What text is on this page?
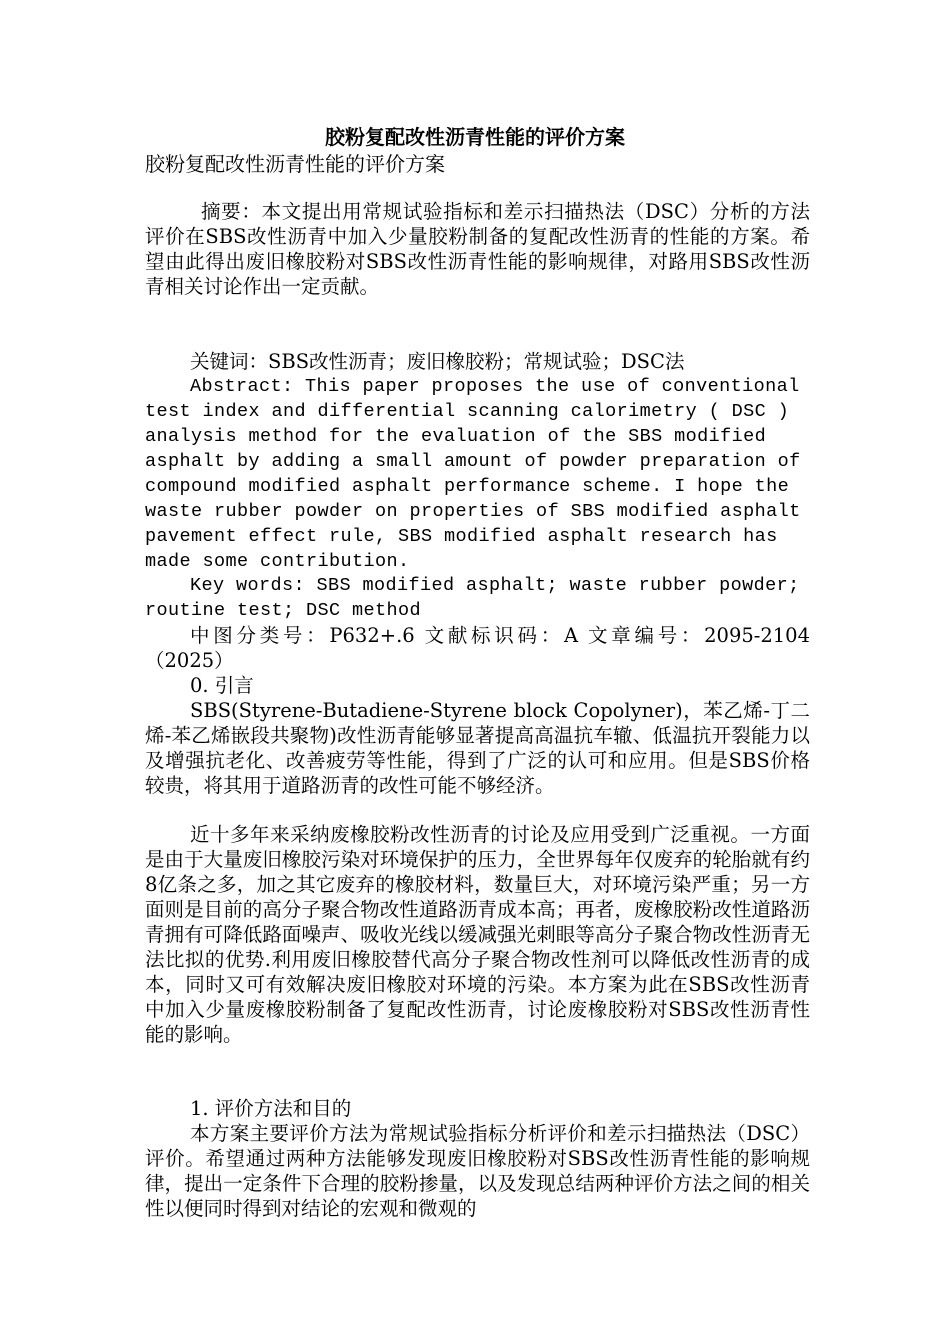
胶粉复配改性沥青性能的评价方案
胶粉复配改性沥青性能的评价方案

摘要：本文提出用常规试验指标和差示扫描热法（DSC）分析的方法评价在SBS改性沥青中加入少量胶粉制备的复配改性沥青的性能的方案。希望由此得出废旧橡胶粉对SBS改性沥青性能的影响规律，对路用SBS改性沥青相关讨论作出一定贡献。

关键词：SBS改性沥青；废旧橡胶粉；常规试验；DSC法

Abstract: This paper proposes the use of conventional test index and differential scanning calorimetry ( DSC ) analysis method for the evaluation of the SBS modified asphalt by adding a small amount of powder preparation of compound modified asphalt performance scheme. I hope the waste rubber powder on properties of SBS modified asphalt pavement effect rule, SBS modified asphalt research has made some contribution.

Key words: SBS modified asphalt; waste rubber powder; routine test; DSC method

中图分类号：P632+.6 文献标识码：A 文章编号：2095-2104（2025）

0. 引言

SBS(Styrene-Butadiene-Styrene block Copolyner)，苯乙烯-丁二烯-苯乙烯嵌段共聚物)改性沥青能够显著提高高温抗车辙、低温抗开裂能力以及增强抗老化、改善疲劳等性能，得到了广泛的认可和应用。但是SBS价格较贵，将其用于道路沥青的改性可能不够经济。

近十多年来采纳废橡胶粉改性沥青的讨论及应用受到广泛重视。一方面是由于大量废旧橡胶污染对环境保护的压力，全世界每年仅废弃的轮胎就有约8亿条之多，加之其它废弃的橡胶材料，数量巨大，对环境污染严重；另一方面则是目前的高分子聚合物改性道路沥青成本高；再者，废橡胶粉改性道路沥青拥有可降低路面噪声、吸收光线以缓减强光刺眼等高分子聚合物改性沥青无法比拟的优势.利用废旧橡胶替代高分子聚合物改性剂可以降低改性沥青的成本，同时又可有效解决废旧橡胶对环境的污染。本方案为此在SBS改性沥青中加入少量废橡胶粉制备了复配改性沥青，讨论废橡胶粉对SBS改性沥青性能的影响。

1. 评价方法和目的

本方案主要评价方法为常规试验指标分析评价和差示扫描热法（DSC）评价。希望通过两种方法能够发现废旧橡胶粉对SBS改性沥青性能的影响规律，提出一定条件下合理的胶粉掺量，以及发现总结两种评价方法之间的相关性以便同时得到对结论的宏观和微观的
